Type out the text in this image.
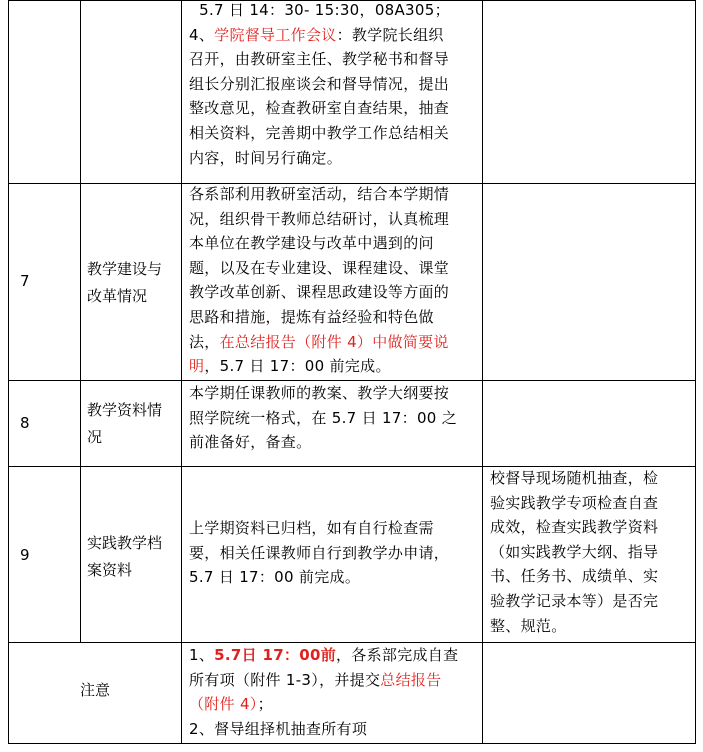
5.7 日 14：30- 15:30，08A305；
4、学院督导工作会议：教学院长组织
召开，由教研室主任、教学秘书和督导
组长分别汇报座谈会和督导情况，提出
整改意见，检查教研室自查结果，抽查
相关资料，完善期中教学工作总结相关
内容，时间另行确定。
7
教学建设与
改革情况
各系部利用教研室活动，结合本学期情
况，组织骨干教师总结研讨，认真梳理
本单位在教学建设与改革中遇到的问
题，以及在专业建设、课程建设、课堂
教学改革创新、课程思政建设等方面的
思路和措施，提炼有益经验和特色做
法，在总结报告（附件 4）中做简要说
明，5.7 日 17：00 前完成。
8
教学资料情
况
本学期任课教师的教案、教学大纲要按
照学院统一格式，在 5.7 日 17：00 之
前准备好，备查。
9
实践教学档
案资料
上学期资料已归档，如有自行检查需
要，相关任课教师自行到教学办申请，
5.7 日 17：00 前完成。
校督导现场随机抽查，检
验实践教学专项检查自查
成效，检查实践教学资料
（如实践教学大纲、指导
书、任务书、成绩单、实
验教学记录本等）是否完
整、规范。
注意
1、5.7日 17：00前，各系部完成自查
所有项（附件 1-3），并提交总结报告
（附件 4）；
2、督导组择机抽查所有项
